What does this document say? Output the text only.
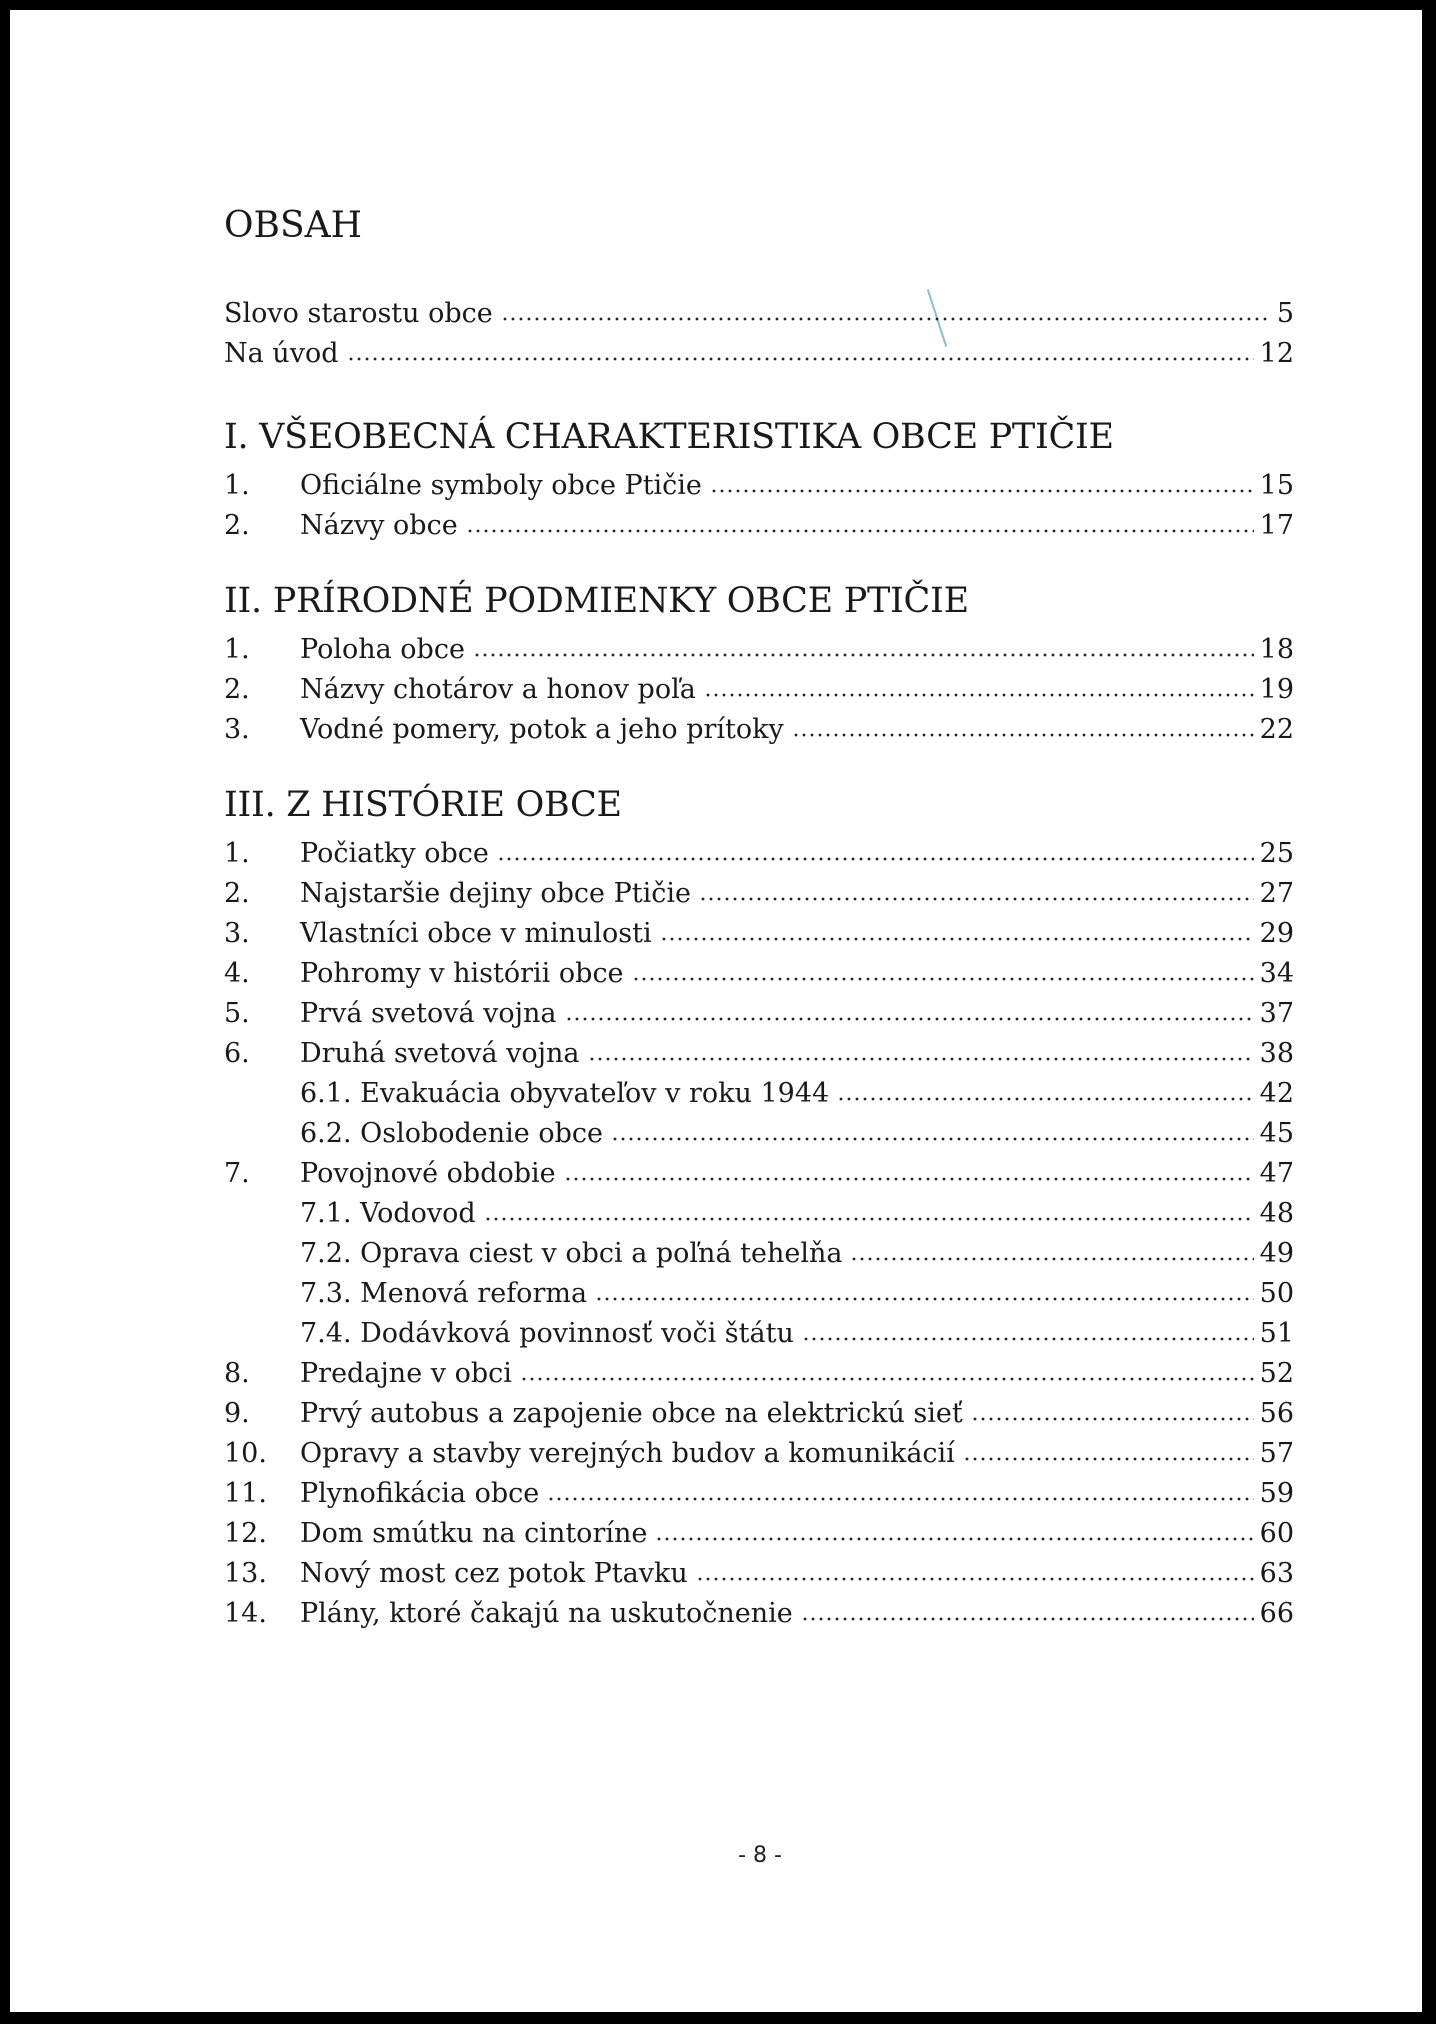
OBSAH
Slovo starostu obce	5
Na úvod	12
I. VŠEOBECNÁ CHARAKTERISTIKA OBCE PTIČIE
1.	Oficiálne symboly obce Ptičie	15
2.	Názvy obce	17
II. PRÍRODNÉ PODMIENKY OBCE PTIČIE
1.	Poloha obce	18
2.	Názvy chotárov a honov poľa	19
3.	Vodné pomery, potok a jeho prítoky	22
III. Z HISTÓRIE OBCE
1.	Počiatky obce	25
2.	Najstaršie dejiny obce Ptičie	27
3.	Vlastníci obce v minulosti	29
4.	Pohromy v histórii obce	34
5.	Prvá svetová vojna	37
6.	Druhá svetová vojna	38
6.1. Evakuácia obyvateľov v roku 1944	42
6.2. Oslobodenie obce	45
7.	Povojnové obdobie	47
7.1. Vodovod	48
7.2. Oprava ciest v obci a poľná tehelňa	49
7.3. Menová reforma	50
7.4. Dodávková povinnosť voči štátu	51
8.	Predajne v obci	52
9.	Prvý autobus a zapojenie obce na elektrickú sieť	56
10.	Opravy a stavby verejných budov a komunikácií	57
11.	Plynofikácia obce	59
12.	Dom smútku na cintoríne	60
13.	Nový most cez potok Ptavku	63
14.	Plány, ktoré čakajú na uskutočnenie	66
- 8 -
